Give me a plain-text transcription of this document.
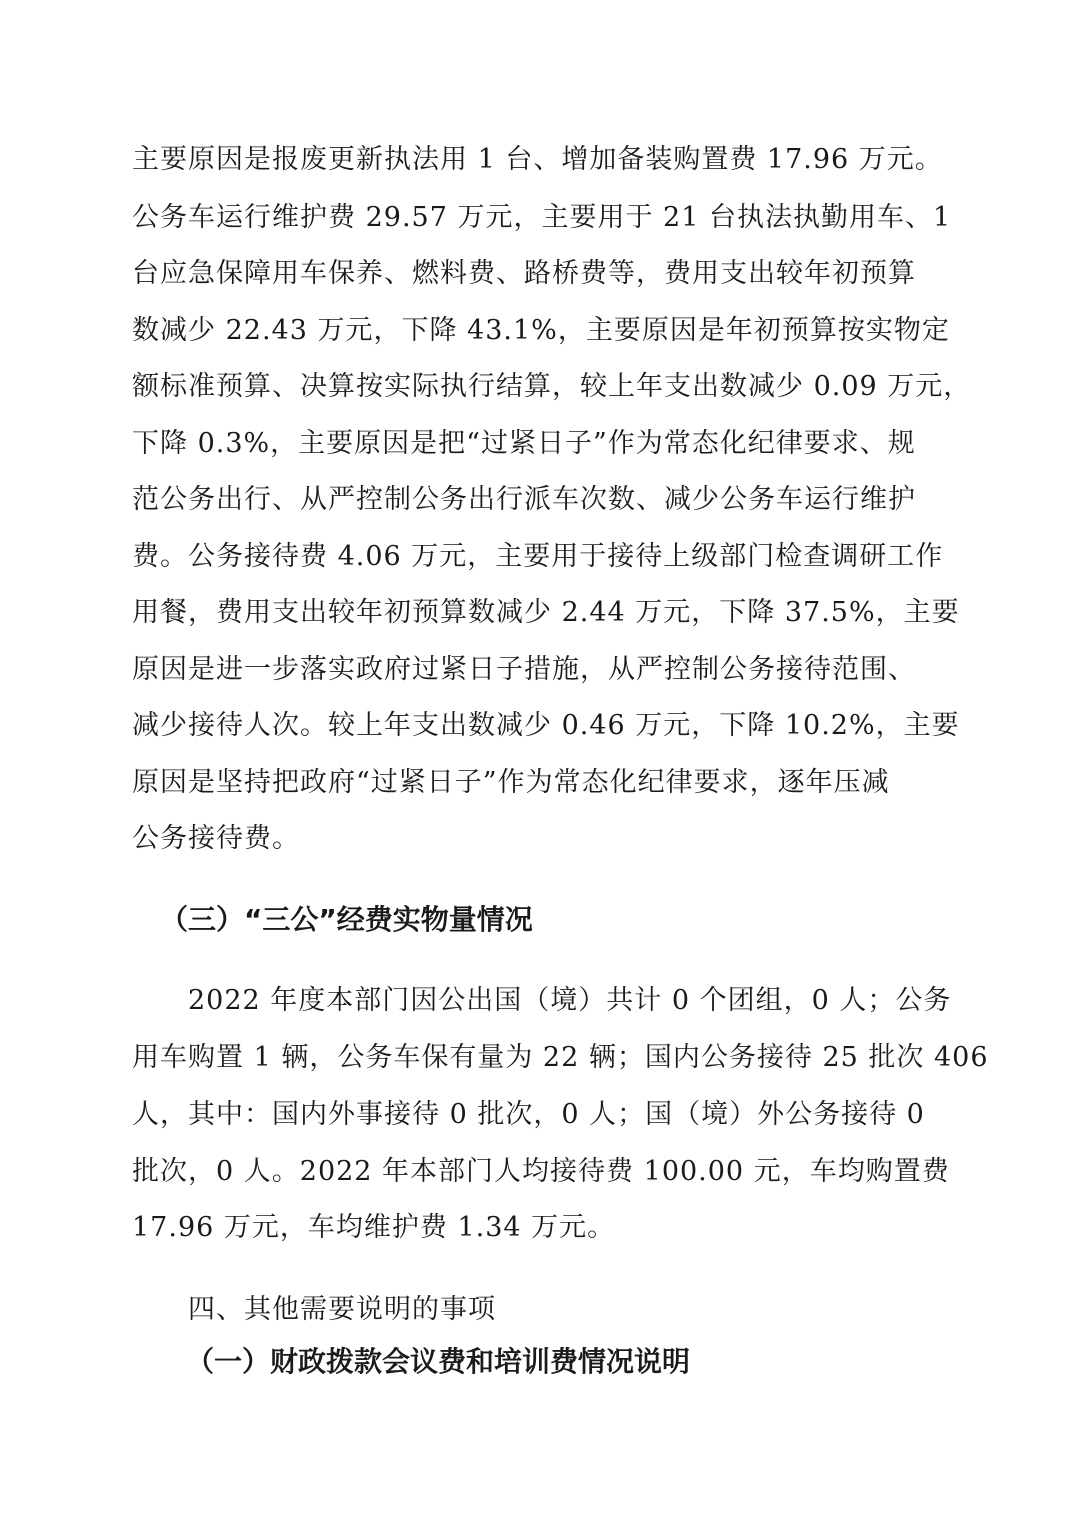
主要原因是报废更新执法用 1 台、增加备装购置费 17.96 万元。
公务车运行维护费 29.57 万元，主要用于 21 台执法执勤用车、1
台应急保障用车保养、燃料费、路桥费等，费用支出较年初预算
数减少 22.43 万元，下降 43.1%，主要原因是年初预算按实物定
额标准预算、决算按实际执行结算，较上年支出数减少 0.09 万元，
下降 0.3%，主要原因是把“过紧日子”作为常态化纪律要求、规
范公务出行、从严控制公务出行派车次数、减少公务车运行维护
费。公务接待费 4.06 万元，主要用于接待上级部门检查调研工作
用餐，费用支出较年初预算数减少 2.44 万元，下降 37.5%，主要
原因是进一步落实政府过紧日子措施，从严控制公务接待范围、
减少接待人次。较上年支出数减少 0.46 万元，下降 10.2%，主要
原因是坚持把政府“过紧日子”作为常态化纪律要求，逐年压减
公务接待费。
（三）“三公”经费实物量情况
2022 年度本部门因公出国（境）共计 0 个团组，0 人；公务
用车购置 1 辆，公务车保有量为 22 辆；国内公务接待 25 批次 406
人，其中：国内外事接待 0 批次，0 人；国（境）外公务接待 0
批次，0 人。2022 年本部门人均接待费 100.00 元，车均购置费
17.96 万元，车均维护费 1.34 万元。
四、其他需要说明的事项
（一）财政拨款会议费和培训费情况说明
